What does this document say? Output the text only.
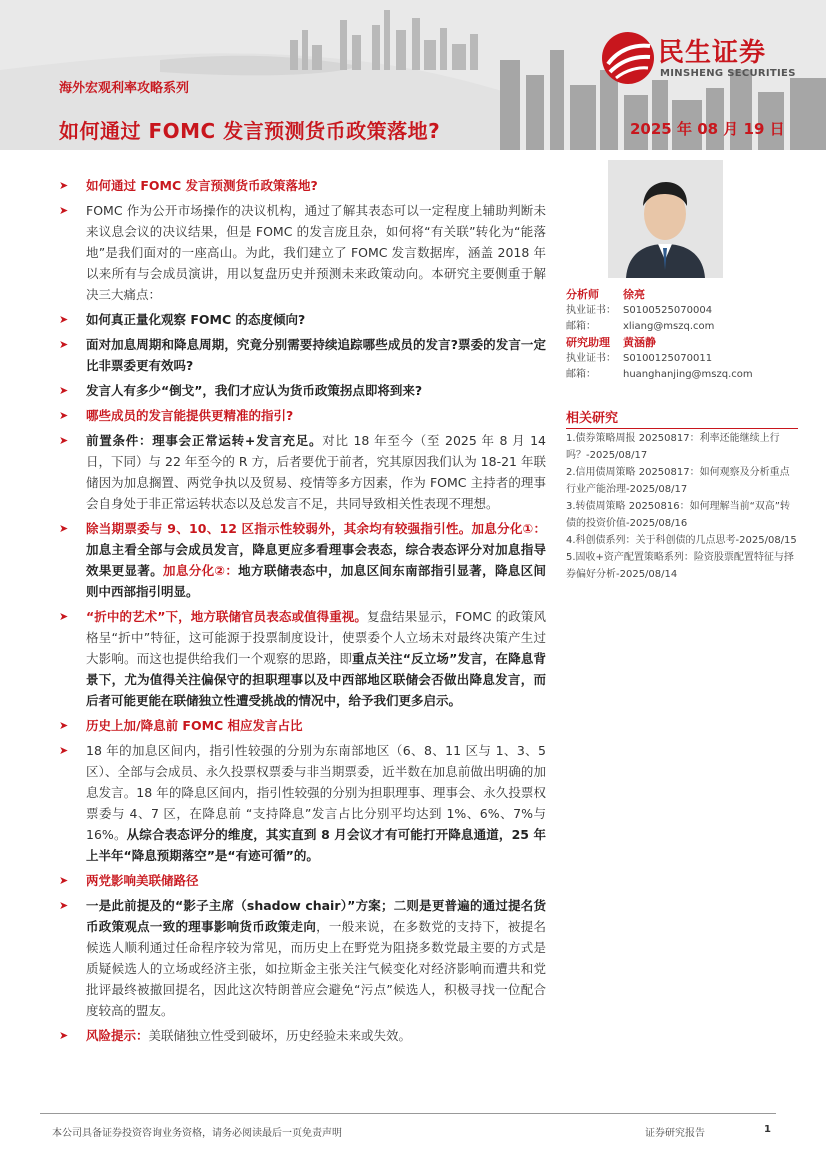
民生证券
MINSHENG SECURITIES
海外宏观利率攻略系列
如何通过 FOMC 发言预测货币政策落地?	2025 年 08 月 19 日
➤ 如何通过 FOMC 发言预测货币政策落地?
➤ FOMC 作为公开市场操作的决议机构，通过了解其表态可以一定程度上辅助判断未来议息会议的决议结果，但是 FOMC 的发言庞且杂，如何将“有关联”转化为“能落地”是我们面对的一座高山。为此，我们建立了 FOMC 发言数据库，涵盖 2018 年以来所有与会成员演讲，用以复盘历史并预测未来政策动向。本研究主要侧重于解决三大痛点：
➤ 如何真正量化观察 FOMC 的态度倾向?
➤ 面对加息周期和降息周期，究竟分别需要持续追踪哪些成员的发言?票委的发言一定比非票委更有效吗?
➤ 发言人有多少“倒戈”，我们才应认为货币政策拐点即将到来?
➤ 哪些成员的发言能提供更精准的指引?
➤ 前置条件：理事会正常运转+发言充足。对比 18 年至今（至 2025 年 8 月 14 日，下同）与 22 年至今的 R 方，后者要优于前者，究其原因我们认为 18-21 年联储因为加息搁置、两党争执以及贸易、疫情等多方因素，作为 FOMC 主持者的理事会自身处于非正常运转状态以及总发言不足，共同导致相关性表现不理想。
➤ 除当期票委与 9、10、12 区指示性较弱外，其余均有较强指引性。加息分化①：加息主看全部与会成员发言，降息更应多看理事会表态，综合表态评分对加息指导效果更显著。加息分化②：地方联储表态中，加息区间东南部指引显著，降息区间则中西部指引明显。
➤ “折中的艺术”下，地方联储官员表态或值得重视。复盘结果显示，FOMC 的政策风格呈“折中”特征，这可能源于投票制度设计，使票委个人立场未对最终决策产生过大影响。而这也提供给我们一个观察的思路，即重点关注“反立场”发言，在降息背景下，尤为值得关注偏保守的担职理事以及中西部地区联储会否做出降息发言，而后者可能更能在联储独立性遭受挑战的情况中，给予我们更多启示。
➤ 历史上加/降息前 FOMC 相应发言占比
➤ 18 年的加息区间内，指引性较强的分别为东南部地区（6、8、11 区与 1、3、5 区）、全部与会成员、永久投票权票委与非当期票委，近半数在加息前做出明确的加息发言。18 年的降息区间内，指引性较强的分别为担职理事、理事会、永久投票权票委与 4、7 区，在降息前 “支持降息”发言占比分别平均达到 1%、6%、7%与 16%。从综合表态评分的维度，其实直到 8 月会议才有可能打开降息通道，25 年上半年“降息预期落空”是“有迹可循”的。
➤ 两党影响美联储路径
➤ 一是此前提及的“影子主席（shadow chair）”方案；二则是更普遍的通过提名货币政策观点一致的理事影响货币政策走向，一般来说，在多数党的支持下，被提名候选人顺利通过任命程序较为常见，而历史上在野党为阻挠多数党最主要的方式是质疑候选人的立场或经济主张，如拉斯金主张关注气候变化对经济影响而遭共和党批评最终被撤回提名，因此这次特朗普应会避免“污点”候选人，积极寻找一位配合度较高的盟友。
➤ 风险提示：美联储独立性受到破坏，历史经验未来或失效。
分析师	徐亮
执业证书： S0100525070004
邮箱：	xliang@mszq.com
研究助理	黄涵静
执业证书： S0100125070011
邮箱：	huanghanjing@mszq.com
相关研究
1.债券策略周报 20250817：利率还能继续上行吗？-2025/08/17
2.信用债周策略 20250817：如何观察及分析重点行业产能治理-2025/08/17
3.转债周策略 20250816：如何理解当前“双高”转债的投资价值-2025/08/16
4.科创债系列：关于科创债的几点思考-2025/08/15
5.固收+资产配置策略系列：险资股票配置特征与择券偏好分析-2025/08/14
本公司具备证券投资咨询业务资格，请务必阅读最后一页免责声明	证券研究报告	1
